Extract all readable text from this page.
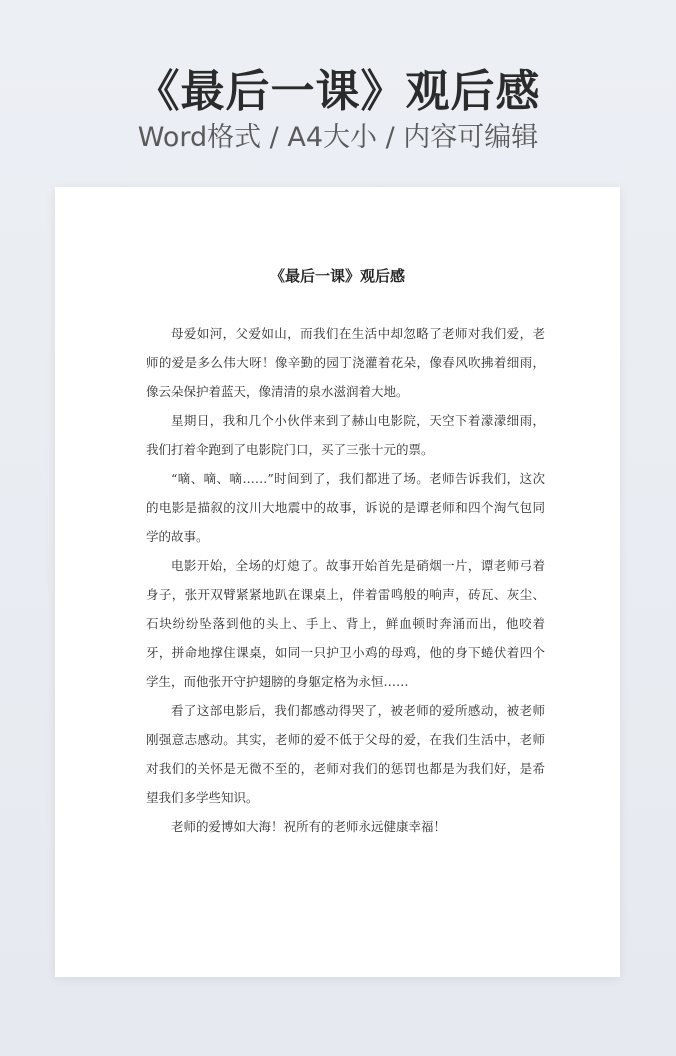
《最后一课》观后感
Word格式 / A4大小 / 内容可编辑
《最后一课》观后感

母爱如河，父爱如山，而我们在生活中却忽略了老师对我们爱，老师的爱是多么伟大呀！像辛勤的园丁浇灌着花朵，像春风吹拂着细雨，像云朵保护着蓝天，像清清的泉水滋润着大地。

星期日，我和几个小伙伴来到了赫山电影院，天空下着濛濛细雨，我们打着伞跑到了电影院门口，买了三张十元的票。

“嘀、嘀、嘀……”时间到了，我们都进了场。老师告诉我们，这次的电影是描叙的汶川大地震中的故事，诉说的是谭老师和四个淘气包同学的故事。

电影开始，全场的灯熄了。故事开始首先是硝烟一片，谭老师弓着身子，张开双臂紧紧地趴在课桌上，伴着雷鸣般的响声，砖瓦、灰尘、石块纷纷坠落到他的头上、手上、背上，鲜血顿时奔涌而出，他咬着牙，拼命地撑住课桌，如同一只护卫小鸡的母鸡，他的身下蜷伏着四个学生，而他张开守护翅膀的身躯定格为永恒……

看了这部电影后，我们都感动得哭了，被老师的爱所感动，被老师刚强意志感动。其实，老师的爱不低于父母的爱，在我们生活中，老师对我们的关怀是无微不至的，老师对我们的惩罚也都是为我们好，是希望我们多学些知识。

老师的爱博如大海！祝所有的老师永远健康幸福！
